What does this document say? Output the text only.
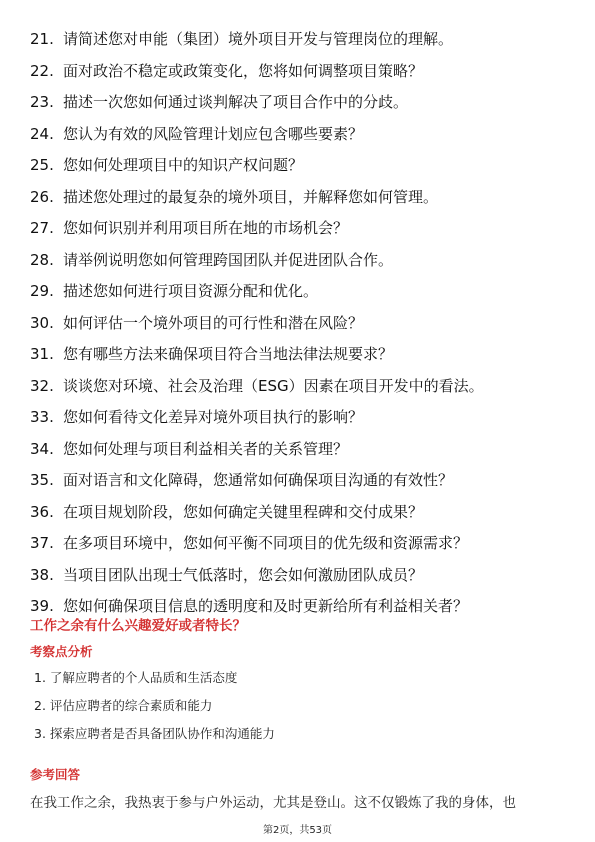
21. 请简述您对申能（集团）境外项目开发与管理岗位的理解。
22. 面对政治不稳定或政策变化，您将如何调整项目策略？
23. 描述一次您如何通过谈判解决了项目合作中的分歧。
24. 您认为有效的风险管理计划应包含哪些要素？
25. 您如何处理项目中的知识产权问题？
26. 描述您处理过的最复杂的境外项目，并解释您如何管理。
27. 您如何识别并利用项目所在地的市场机会？
28. 请举例说明您如何管理跨国团队并促进团队合作。
29. 描述您如何进行项目资源分配和优化。
30. 如何评估一个境外项目的可行性和潜在风险？
31. 您有哪些方法来确保项目符合当地法律法规要求？
32. 谈谈您对环境、社会及治理（ESG）因素在项目开发中的看法。
33. 您如何看待文化差异对境外项目执行的影响？
34. 您如何处理与项目利益相关者的关系管理？
35. 面对语言和文化障碍，您通常如何确保项目沟通的有效性？
36. 在项目规划阶段，您如何确定关键里程碑和交付成果？
37. 在多项目环境中，您如何平衡不同项目的优先级和资源需求？
38. 当项目团队出现士气低落时，您会如何激励团队成员？
39. 您如何确保项目信息的透明度和及时更新给所有利益相关者？
工作之余有什么兴趣爱好或者特长？
考察点分析
1. 了解应聘者的个人品质和生活态度
2. 评估应聘者的综合素质和能力
3. 探索应聘者是否具备团队协作和沟通能力
参考回答
在我工作之余，我热衷于参与户外运动，尤其是登山。这不仅锻炼了我的身体，也
第2页，共53页
